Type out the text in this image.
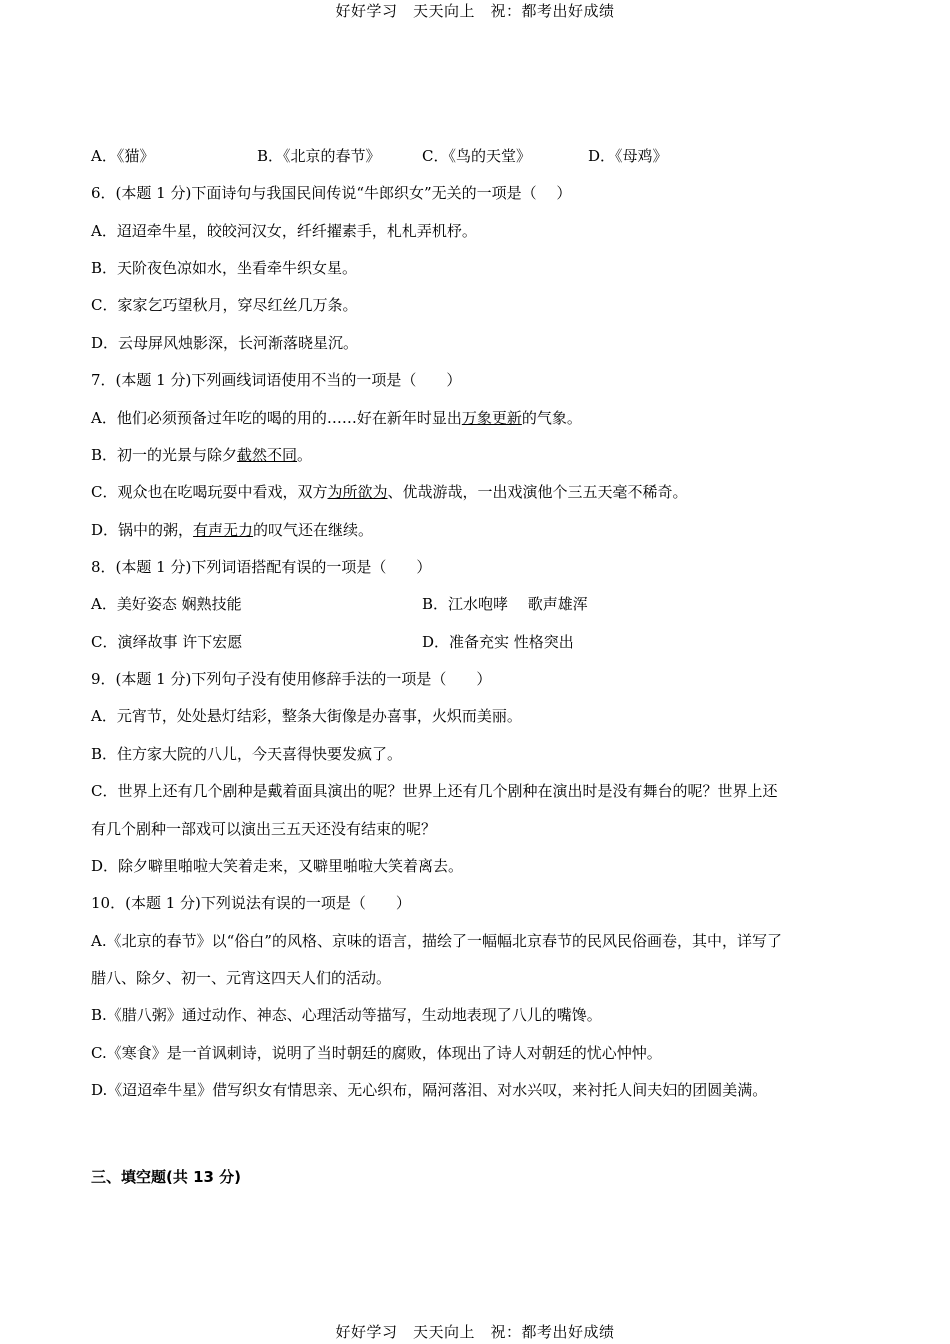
好好学习　天天向上　祝：都考出好成绩
A．《猫》	B．《北京的春节》	C．《鸟的天堂》	D．《母鸡》
6．(本题 1 分)下面诗句与我国民间传说“牛郎织女”无关的一项是（　 ）
A．迢迢牵牛星，皎皎河汉女，纤纤擢素手，札札弄机杼。
B．天阶夜色凉如水，坐看牵牛织女星。
C．家家乞巧望秋月，穿尽红丝几万条。
D．云母屏风烛影深，长河渐落晓星沉。
7．(本题 1 分)下列画线词语使用不当的一项是（　　）
A．他们必须预备过年吃的喝的用的……好在新年时显出万象更新的气象。
B．初一的光景与除夕截然不同。
C．观众也在吃喝玩耍中看戏，双方为所欲为、优哉游哉，一出戏演他个三五天毫不稀奇。
D．锅中的粥，有声无力的叹气还在继续。
8．(本题 1 分)下列词语搭配有误的一项是（　　）
A．美好姿态 娴熟技能	B．江水咆哮　 歌声雄浑
C．演绎故事 许下宏愿	D．准备充实 性格突出
9．(本题 1 分)下列句子没有使用修辞手法的一项是（　　）
A．元宵节，处处悬灯结彩，整条大街像是办喜事，火炽而美丽。
B．住方家大院的八儿，今天喜得快要发疯了。
C．世界上还有几个剧种是戴着面具演出的呢？世界上还有几个剧种在演出时是没有舞台的呢？世界上还
有几个剧种一部戏可以演出三五天还没有结束的呢？
D．除夕噼里啪啦大笑着走来，又噼里啪啦大笑着离去。
10．(本题 1 分)下列说法有误的一项是（　　）
A.《北京的春节》以“俗白”的风格、京味的语言，描绘了一幅幅北京春节的民风民俗画卷，其中，详写了
腊八、除夕、初一、元宵这四天人们的活动。
B.《腊八粥》通过动作、神态、心理活动等描写，生动地表现了八儿的嘴馋。
C.《寒食》是一首讽刺诗，说明了当时朝廷的腐败，体现出了诗人对朝廷的忧心忡忡。
D.《迢迢牵牛星》借写织女有情思亲、无心织布，隔河落泪、对水兴叹，来衬托人间夫妇的团圆美满。
三、填空题(共 13 分)
好好学习　天天向上　祝：都考出好成绩
